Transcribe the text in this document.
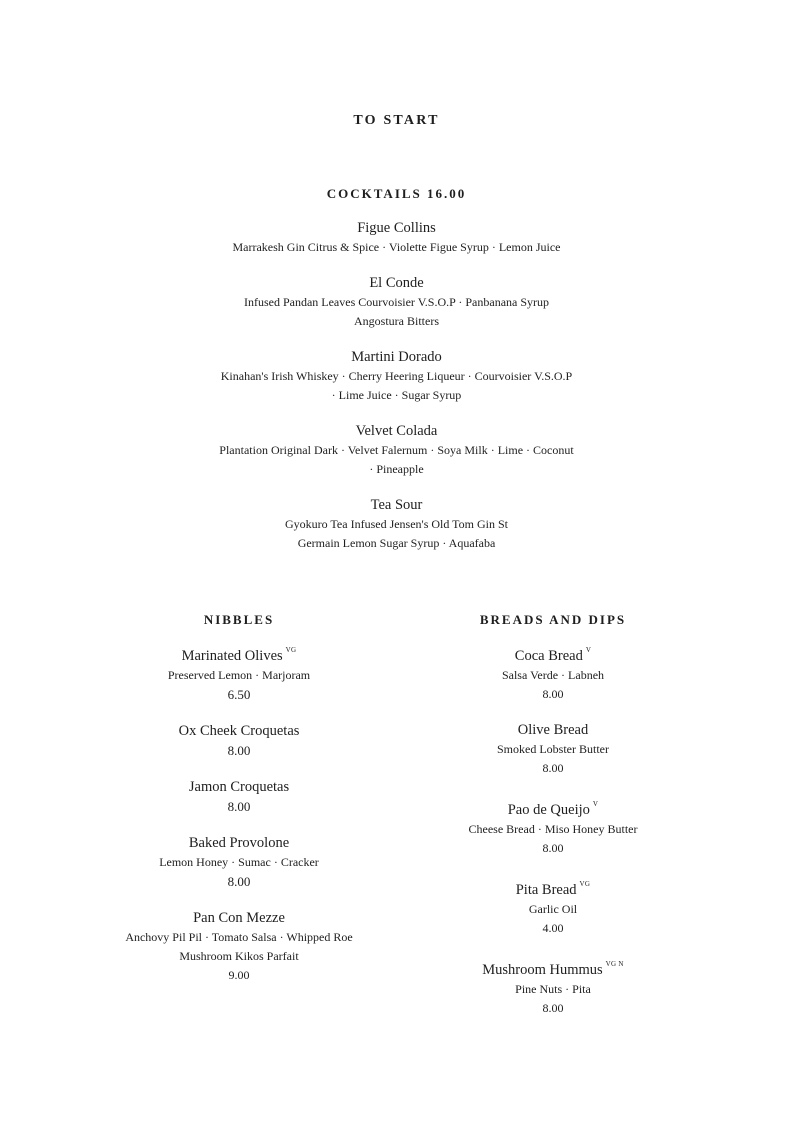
TO START
COCKTAILS 16.00
Figue Collins
Marrakesh Gin Citrus & Spice · Violette Figue Syrup · Lemon Juice
El Conde
Infused Pandan Leaves Courvoisier V.S.O.P · Panbanana Syrup Angostura Bitters
Martini Dorado
Kinahan's Irish Whiskey · Cherry Heering Liqueur · Courvoisier V.S.O.P · Lime Juice · Sugar Syrup
Velvet Colada
Plantation Original Dark · Velvet Falernum · Soya Milk · Lime · Coconut · Pineapple
Tea Sour
Gyokuro Tea Infused Jensen's Old Tom Gin St Germain Lemon Sugar Syrup · Aquafaba
NIBBLES
Marinated Olives $^{VG}$
Preserved Lemon · Marjoram
6.50
Ox Cheek Croquetas
8.00
Jamon Croquetas
8.00
Baked Provolone
Lemon Honey · Sumac · Cracker
8.00
Pan Con Mezze
Anchovy Pil Pil · Tomato Salsa · Whipped Roe
Mushroom Kikos Parfait
9.00
BREADS AND DIPS
Coca Bread $^V$
Salsa Verde · Labneh
8.00
Olive Bread
Smoked Lobster Butter
8.00
Pao de Queijo $^V$
Cheese Bread · Miso Honey Butter
8.00
Pita Bread $^{VG}$
Garlic Oil
4.00
Mushroom Hummus $^{VG N}$
Pine Nuts · Pita
8.00
